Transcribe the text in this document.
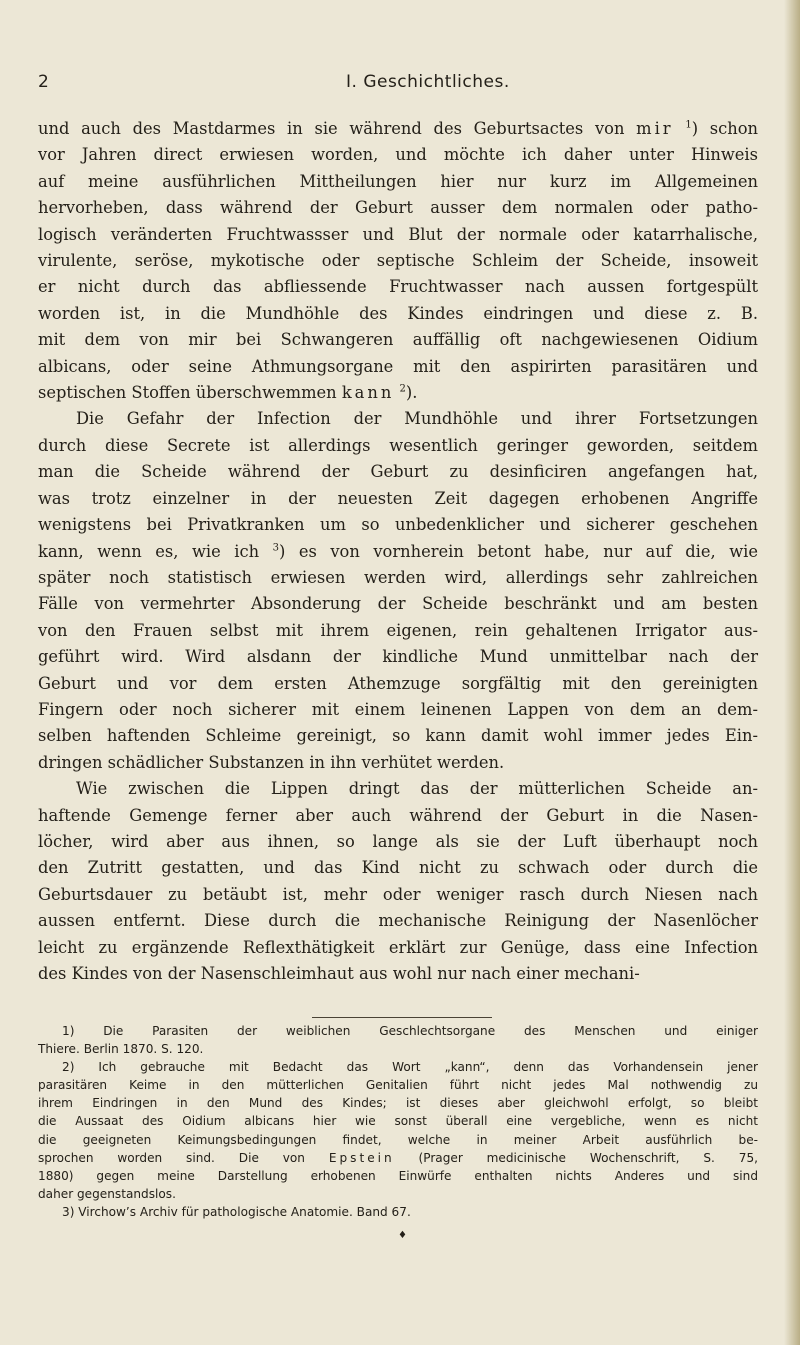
2	I. Geschichtliches.
und auch des Mastdarmes in sie während des Geburtsactes von mir $^1$) schon
vor Jahren direct erwiesen worden, und möchte ich daher unter Hinweis
auf meine ausführlichen Mittheilungen hier nur kurz im Allgemeinen
hervorheben, dass während der Geburt ausser dem normalen oder patho-
logisch veränderten Fruchtwassser und Blut der normale oder katarrhalische,
virulente, seröse, mykotische oder septische Schleim der Scheide, insoweit
er nicht durch das abfliessende Fruchtwasser nach aussen fortgespült
worden ist, in die Mundhöhle des Kindes eindringen und diese z. B.
mit dem von mir bei Schwangeren auffällig oft nachgewiesenen Oidium
albicans, oder seine Athmungsorgane mit den aspirirten parasitären und
septischen Stoffen überschwemmen kann $^2$).
Die Gefahr der Infection der Mundhöhle und ihrer Fortsetzungen
durch diese Secrete ist allerdings wesentlich geringer geworden, seitdem
man die Scheide während der Geburt zu desinficiren angefangen hat,
was trotz einzelner in der neuesten Zeit dagegen erhobenen Angriffe
wenigstens bei Privatkranken um so unbedenklicher und sicherer geschehen
kann, wenn es, wie ich $^3$) es von vornherein betont habe, nur auf die, wie
später noch statistisch erwiesen werden wird, allerdings sehr zahlreichen
Fälle von vermehrter Absonderung der Scheide beschränkt und am besten
von den Frauen selbst mit ihrem eigenen, rein gehaltenen Irrigator aus-
geführt wird. Wird alsdann der kindliche Mund unmittelbar nach der
Geburt und vor dem ersten Athemzuge sorgfältig mit den gereinigten
Fingern oder noch sicherer mit einem leinenen Lappen von dem an dem-
selben haftenden Schleime gereinigt, so kann damit wohl immer jedes Ein-
dringen schädlicher Substanzen in ihn verhütet werden.
Wie zwischen die Lippen dringt das der mütterlichen Scheide an-
haftende Gemenge ferner aber auch während der Geburt in die Nasen-
löcher, wird aber aus ihnen, so lange als sie der Luft überhaupt noch
den Zutritt gestatten, und das Kind nicht zu schwach oder durch die
Geburtsdauer zu betäubt ist, mehr oder weniger rasch durch Niesen nach
aussen entfernt. Diese durch die mechanische Reinigung der Nasenlöcher
leicht zu ergänzende Reflexthätigkeit erklärt zur Genüge, dass eine Infection
des Kindes von der Nasenschleimhaut aus wohl nur nach einer mechani-
1) Die Parasiten der weiblichen Geschlechtsorgane des Menschen und einiger
Thiere. Berlin 1870. S. 120.
2) Ich gebrauche mit Bedacht das Wort „kann“, denn das Vorhandensein jener
parasitären Keime in den mütterlichen Genitalien führt nicht jedes Mal nothwendig zu
ihrem Eindringen in den Mund des Kindes; ist dieses aber gleichwohl erfolgt, so bleibt
die Aussaat des Oidium albicans hier wie sonst überall eine vergebliche, wenn es nicht
die geeigneten Keimungsbedingungen findet, welche in meiner Arbeit ausführlich be-
sprochen worden sind. Die von Epstein (Prager medicinische Wochenschrift, S. 75,
1880) gegen meine Darstellung erhobenen Einwürfe enthalten nichts Anderes und sind
daher gegenstandslos.
3) Virchow’s Archiv für pathologische Anatomie. Band 67.
♦
